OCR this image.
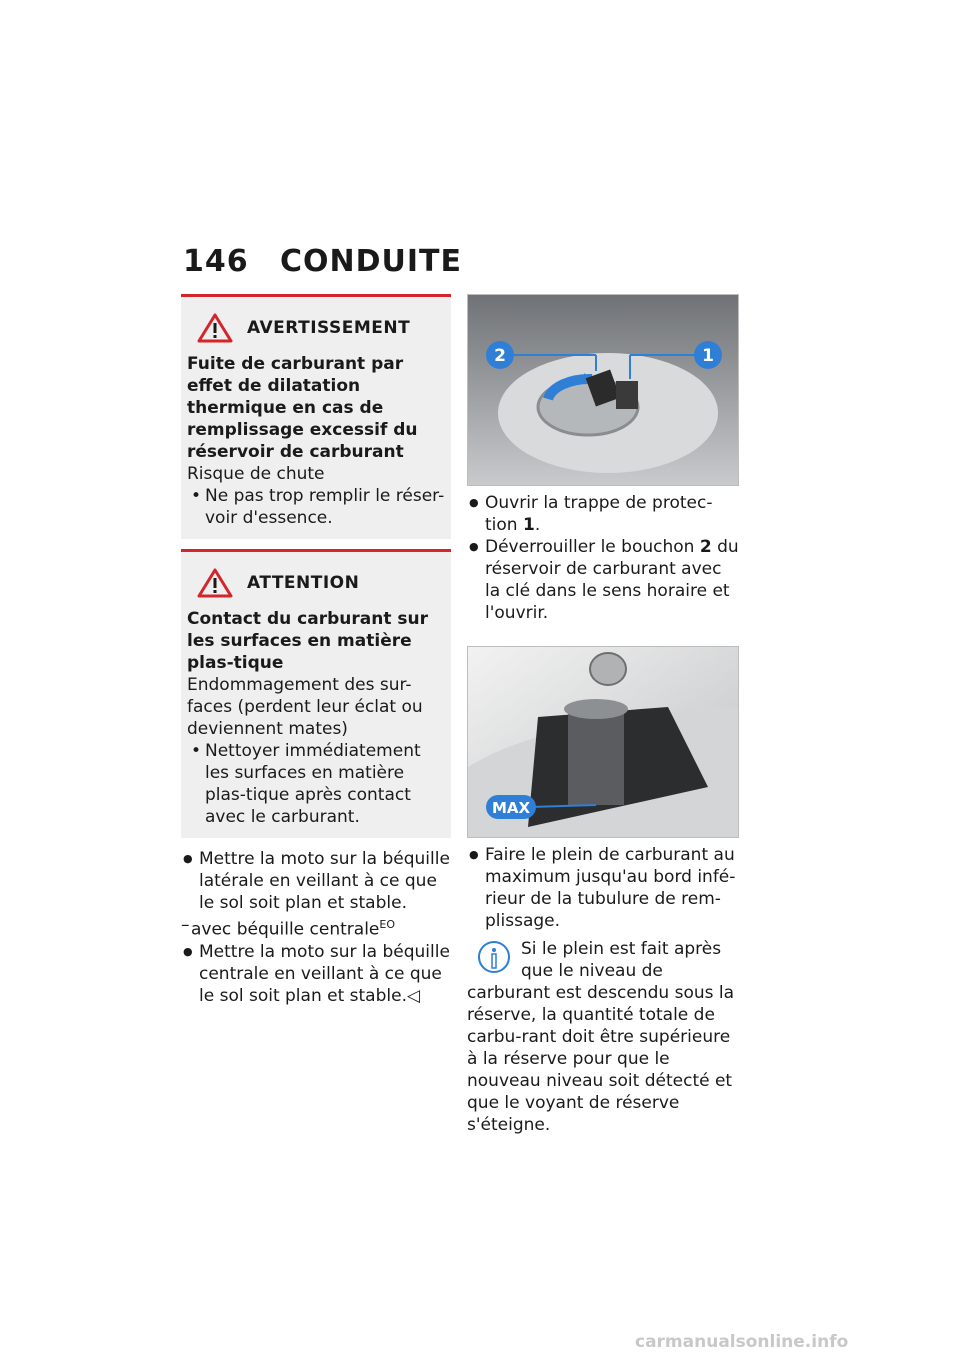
146	CONDUITE
AVERTISSEMENT
Fuite de carburant par effet de dilatation thermique en cas de remplissage excessif du réservoir de carburant
Risque de chute
• Ne pas trop remplir le réser-voir d'essence.
ATTENTION
Contact du carburant sur les surfaces en matière plas-tique
Endommagement des sur-faces (perdent leur éclat ou deviennent mates)
• Nettoyer immédiatement les surfaces en matière plas-tique après contact avec le carburant.
● Mettre la moto sur la béquille latérale en veillant à ce que le sol soit plan et stable.
– avec béquille centrale$^{EO}$
● Mettre la moto sur la béquille centrale en veillant à ce que le sol soit plan et stable.◁
2	1
● Ouvrir la trappe de protec-tion 1.
● Déverrouiller le bouchon 2 du réservoir de carburant avec la clé dans le sens horaire et l'ouvrir.
MAX
● Faire le plein de carburant au maximum jusqu'au bord infé-rieur de la tubulure de rem-plissage.
Si le plein est fait après que le niveau de carburant est descendu sous la réserve, la quantité totale de carbu-rant doit être supérieure à la réserve pour que le nouveau niveau soit détecté et que le voyant de réserve s'éteigne.
carmanualsonline.info
